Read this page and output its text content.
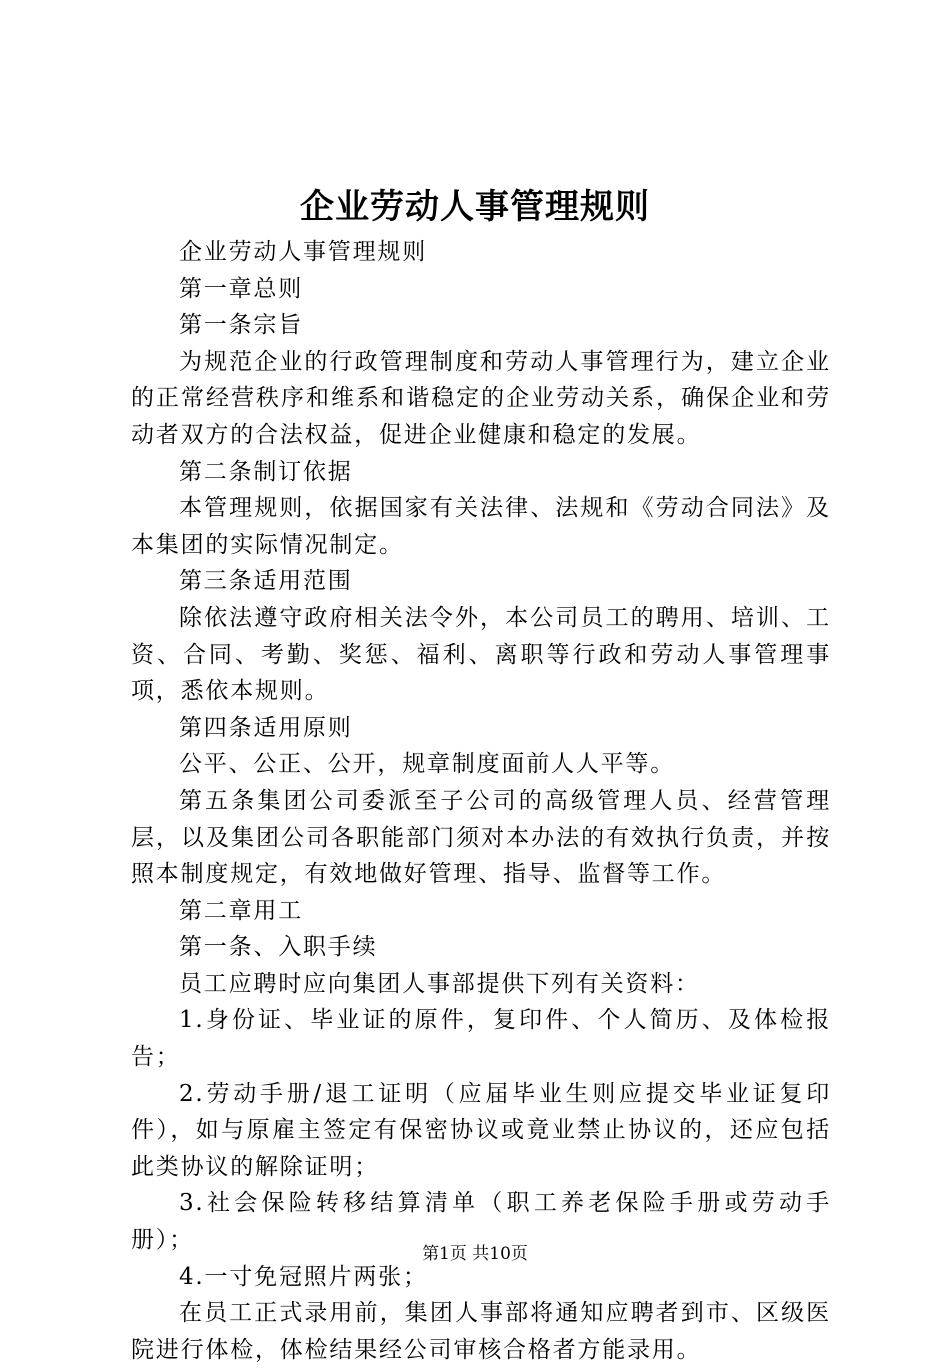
企业劳动人事管理规则

企业劳动人事管理规则

第一章总则

第一条宗旨

为规范企业的行政管理制度和劳动人事管理行为，建立企业的正常经营秩序和维系和谐稳定的企业劳动关系，确保企业和劳动者双方的合法权益，促进企业健康和稳定的发展。

第二条制订依据

本管理规则，依据国家有关法律、法规和《劳动合同法》及本集团的实际情况制定。

第三条适用范围

除依法遵守政府相关法令外，本公司员工的聘用、培训、工资、合同、考勤、奖惩、福利、离职等行政和劳动人事管理事项，悉依本规则。

第四条适用原则

公平、公正、公开，规章制度面前人人平等。

第五条集团公司委派至子公司的高级管理人员、经营管理层，以及集团公司各职能部门须对本办法的有效执行负责，并按照本制度规定，有效地做好管理、指导、监督等工作。

第二章用工

第一条、入职手续

员工应聘时应向集团人事部提供下列有关资料：

1.身份证、毕业证的原件，复印件、个人简历、及体检报告；

2.劳动手册/退工证明（应届毕业生则应提交毕业证复印件），如与原雇主签定有保密协议或竟业禁止协议的，还应包括此类协议的解除证明；

3.社会保险转移结算清单（职工养老保险手册或劳动手册）；

4.一寸免冠照片两张；

在员工正式录用前，集团人事部将通知应聘者到市、区级医院进行体检，体检结果经公司审核合格者方能录用。

第1页 共10页
